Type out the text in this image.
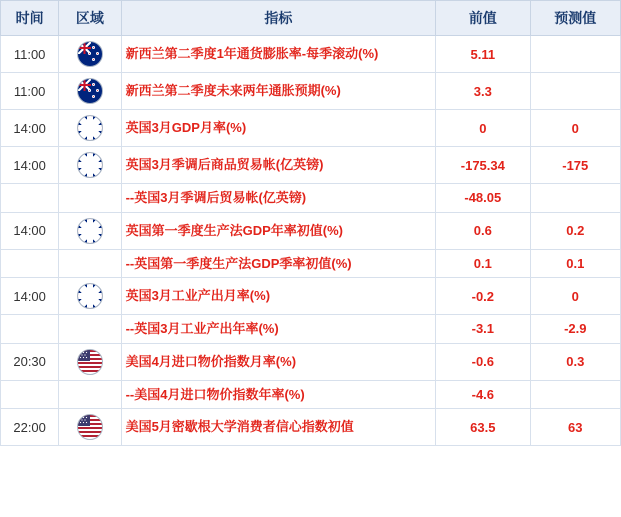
时间	区域	指标	前值	预测值
11:00		新西兰第二季度1年通货膨胀率-每季滚动(%)	5.11	
11:00		新西兰第二季度未来两年通胀预期(%)	3.3	
14:00		英国3月GDP月率(%)	0	0
14:00		英国3月季调后商品贸易帐(亿英镑)	-175.34	-175
		--英国3月季调后贸易帐(亿英镑)	-48.05	
14:00		英国第一季度生产法GDP年率初值(%)	0.6	0.2
		--英国第一季度生产法GDP季率初值(%)	0.1	0.1
14:00		英国3月工业产出月率(%)	-0.2	0
		--英国3月工业产出年率(%)	-3.1	-2.9
20:30		美国4月进口物价指数月率(%)	-0.6	0.3
		--美国4月进口物价指数年率(%)	-4.6	
22:00		美国5月密歇根大学消费者信心指数初值	63.5	63
